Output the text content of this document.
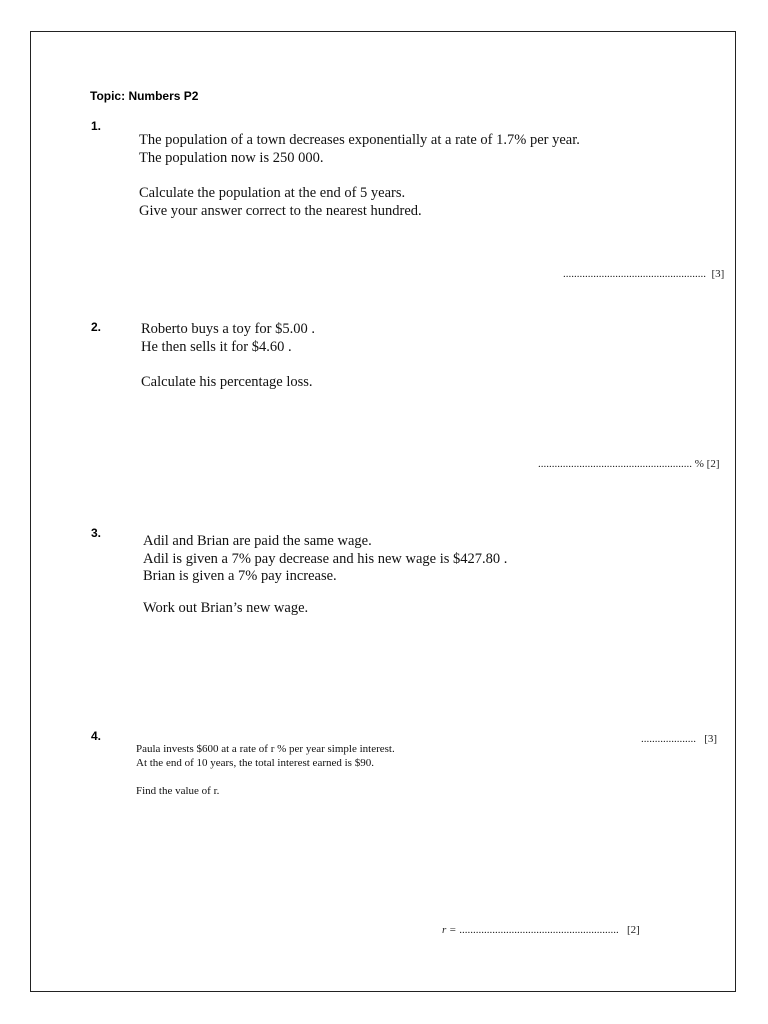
Topic: Numbers P2
1.
The population of a town decreases exponentially at a rate of 1.7% per year.
The population now is 250 000.
Calculate the population at the end of 5 years.
Give your answer correct to the nearest hundred.
.................................................... [3]
2.	Roberto buys a toy for $5.00 .
He then sells it for $4.60 .
Calculate his percentage loss.
........................................................ % [2]
3.	Adil and Brian are paid the same wage.
Adil is given a 7% pay decrease and his new wage is $427.80 .
Brian is given a 7% pay increase.
Work out Brian’s new wage.
.................... [3]
4.
Paula invests $600 at a rate of r % per year simple interest.
At the end of 10 years, the total interest earned is $90.
Find the value of r.
r = .......................................................... [2]
